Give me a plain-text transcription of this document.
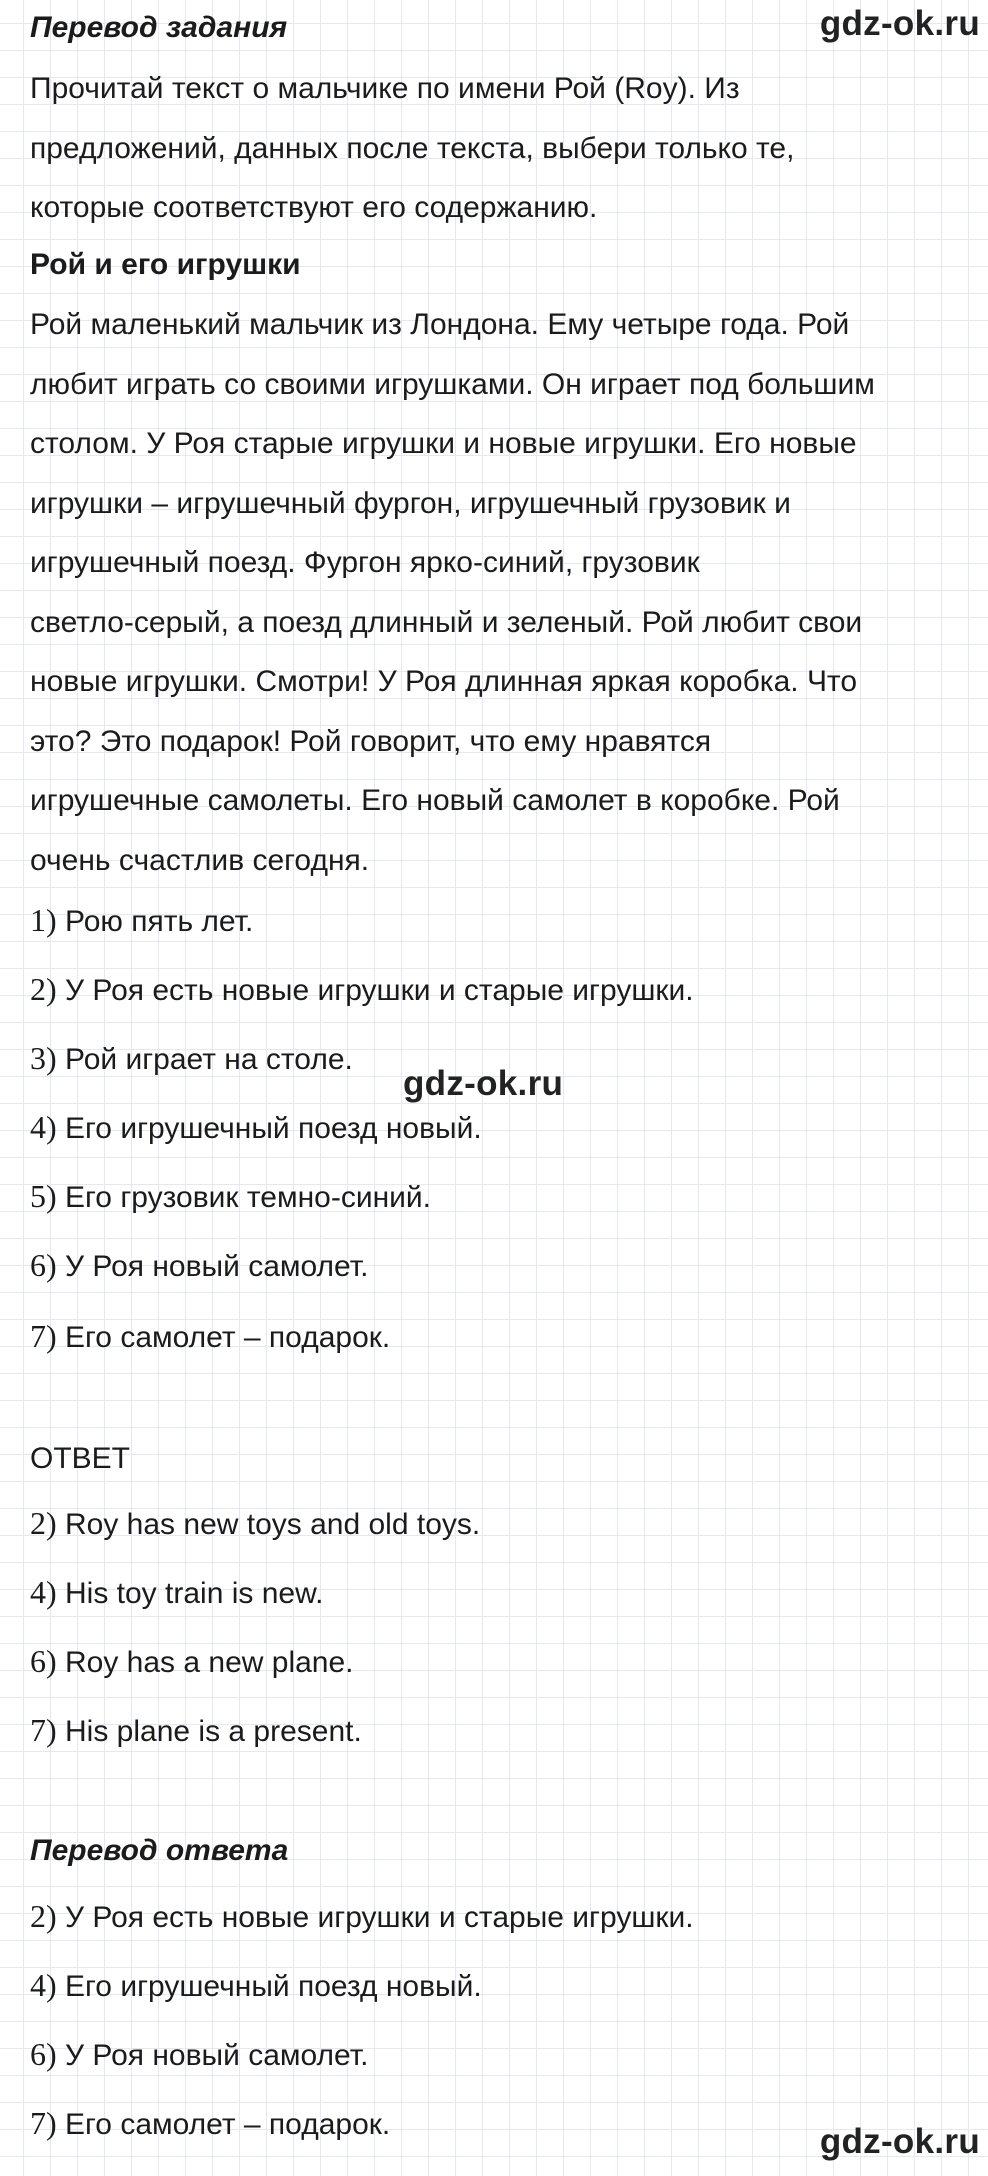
Перевод задания	gdz-ok.ru
Прочитай текст о мальчике по имени Рой (Roy). Из
предложений, данных после текста, выбери только те,
которые соответствуют его содержанию.
Рой и его игрушки
Рой маленький мальчик из Лондона. Ему четыре года. Рой
любит играть со своими игрушками. Он играет под большим
столом. У Роя старые игрушки и новые игрушки. Его новые
игрушки – игрушечный фургон, игрушечный грузовик и
игрушечный поезд. Фургон ярко-синий, грузовик
светло-серый, а поезд длинный и зеленый. Рой любит свои
новые игрушки. Смотри! У Роя длинная яркая коробка. Что
это? Это подарок! Рой говорит, что ему нравятся
игрушечные самолеты. Его новый самолет в коробке. Рой
очень счастлив сегодня.
1) Рою пять лет.
2) У Роя есть новые игрушки и старые игрушки.
3) Рой играет на столе.
gdz-ok.ru
4) Его игрушечный поезд новый.
5) Его грузовик темно-синий.
6) У Роя новый самолет.
7) Его самолет – подарок.
ОТВЕТ
2) Roy has new toys and old toys.
4) His toy train is new.
6) Roy has a new plane.
7) His plane is a present.
Перевод ответа
2) У Роя есть новые игрушки и старые игрушки.
4) Его игрушечный поезд новый.
6) У Роя новый самолет.
7) Его самолет – подарок.	gdz-ok.ru
